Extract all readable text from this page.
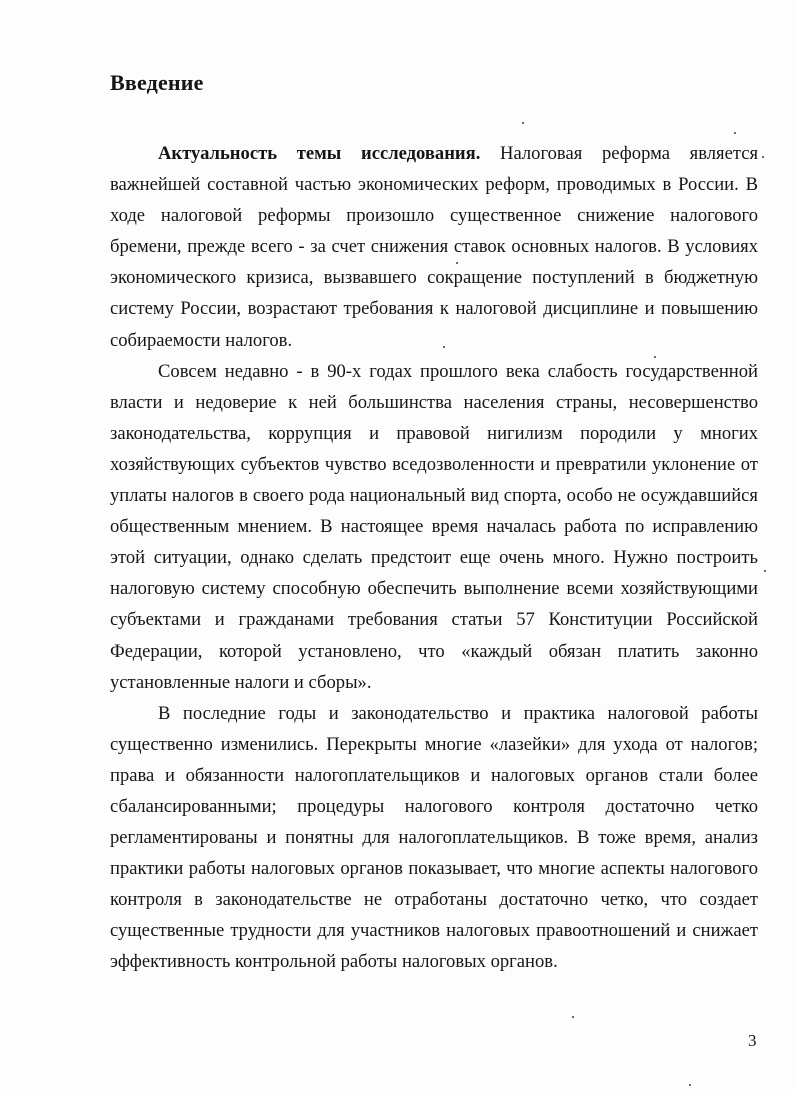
Введение

Актуальность темы исследования. Налоговая реформа является важнейшей составной частью экономических реформ, проводимых в России. В ходе налоговой реформы произошло существенное снижение налогового бремени, прежде всего - за счет снижения ставок основных налогов. В условиях экономического кризиса, вызвавшего сокращение поступлений в бюджетную систему России, возрастают требования к налоговой дисциплине и повышению собираемости налогов.

Совсем недавно - в 90-х годах прошлого века слабость государственной власти и недоверие к ней большинства населения страны, несовершенство законодательства, коррупция и правовой нигилизм породили у многих хозяйствующих субъектов чувство вседозволенности и превратили уклонение от уплаты налогов в своего рода национальный вид спорта, особо не осуждавшийся общественным мнением. В настоящее время началась работа по исправлению этой ситуации, однако сделать предстоит еще очень много. Нужно построить налоговую систему способную обеспечить выполнение всеми хозяйствующими субъектами и гражданами требования статьи 57 Конституции Российской Федерации, которой установлено, что «каждый обязан платить законно установленные налоги и сборы».

В последние годы и законодательство и практика налоговой работы существенно изменились. Перекрыты многие «лазейки» для ухода от налогов; права и обязанности налогоплательщиков и налоговых органов стали более сбалансированными; процедуры налогового контроля достаточно четко регламентированы и понятны для налогоплательщиков. В тоже время, анализ практики работы налоговых органов показывает, что многие аспекты налогового контроля в законодательстве не отработаны достаточно четко, что создает существенные трудности для участников налоговых правоотношений и снижает эффективность контрольной работы налоговых органов.

3
